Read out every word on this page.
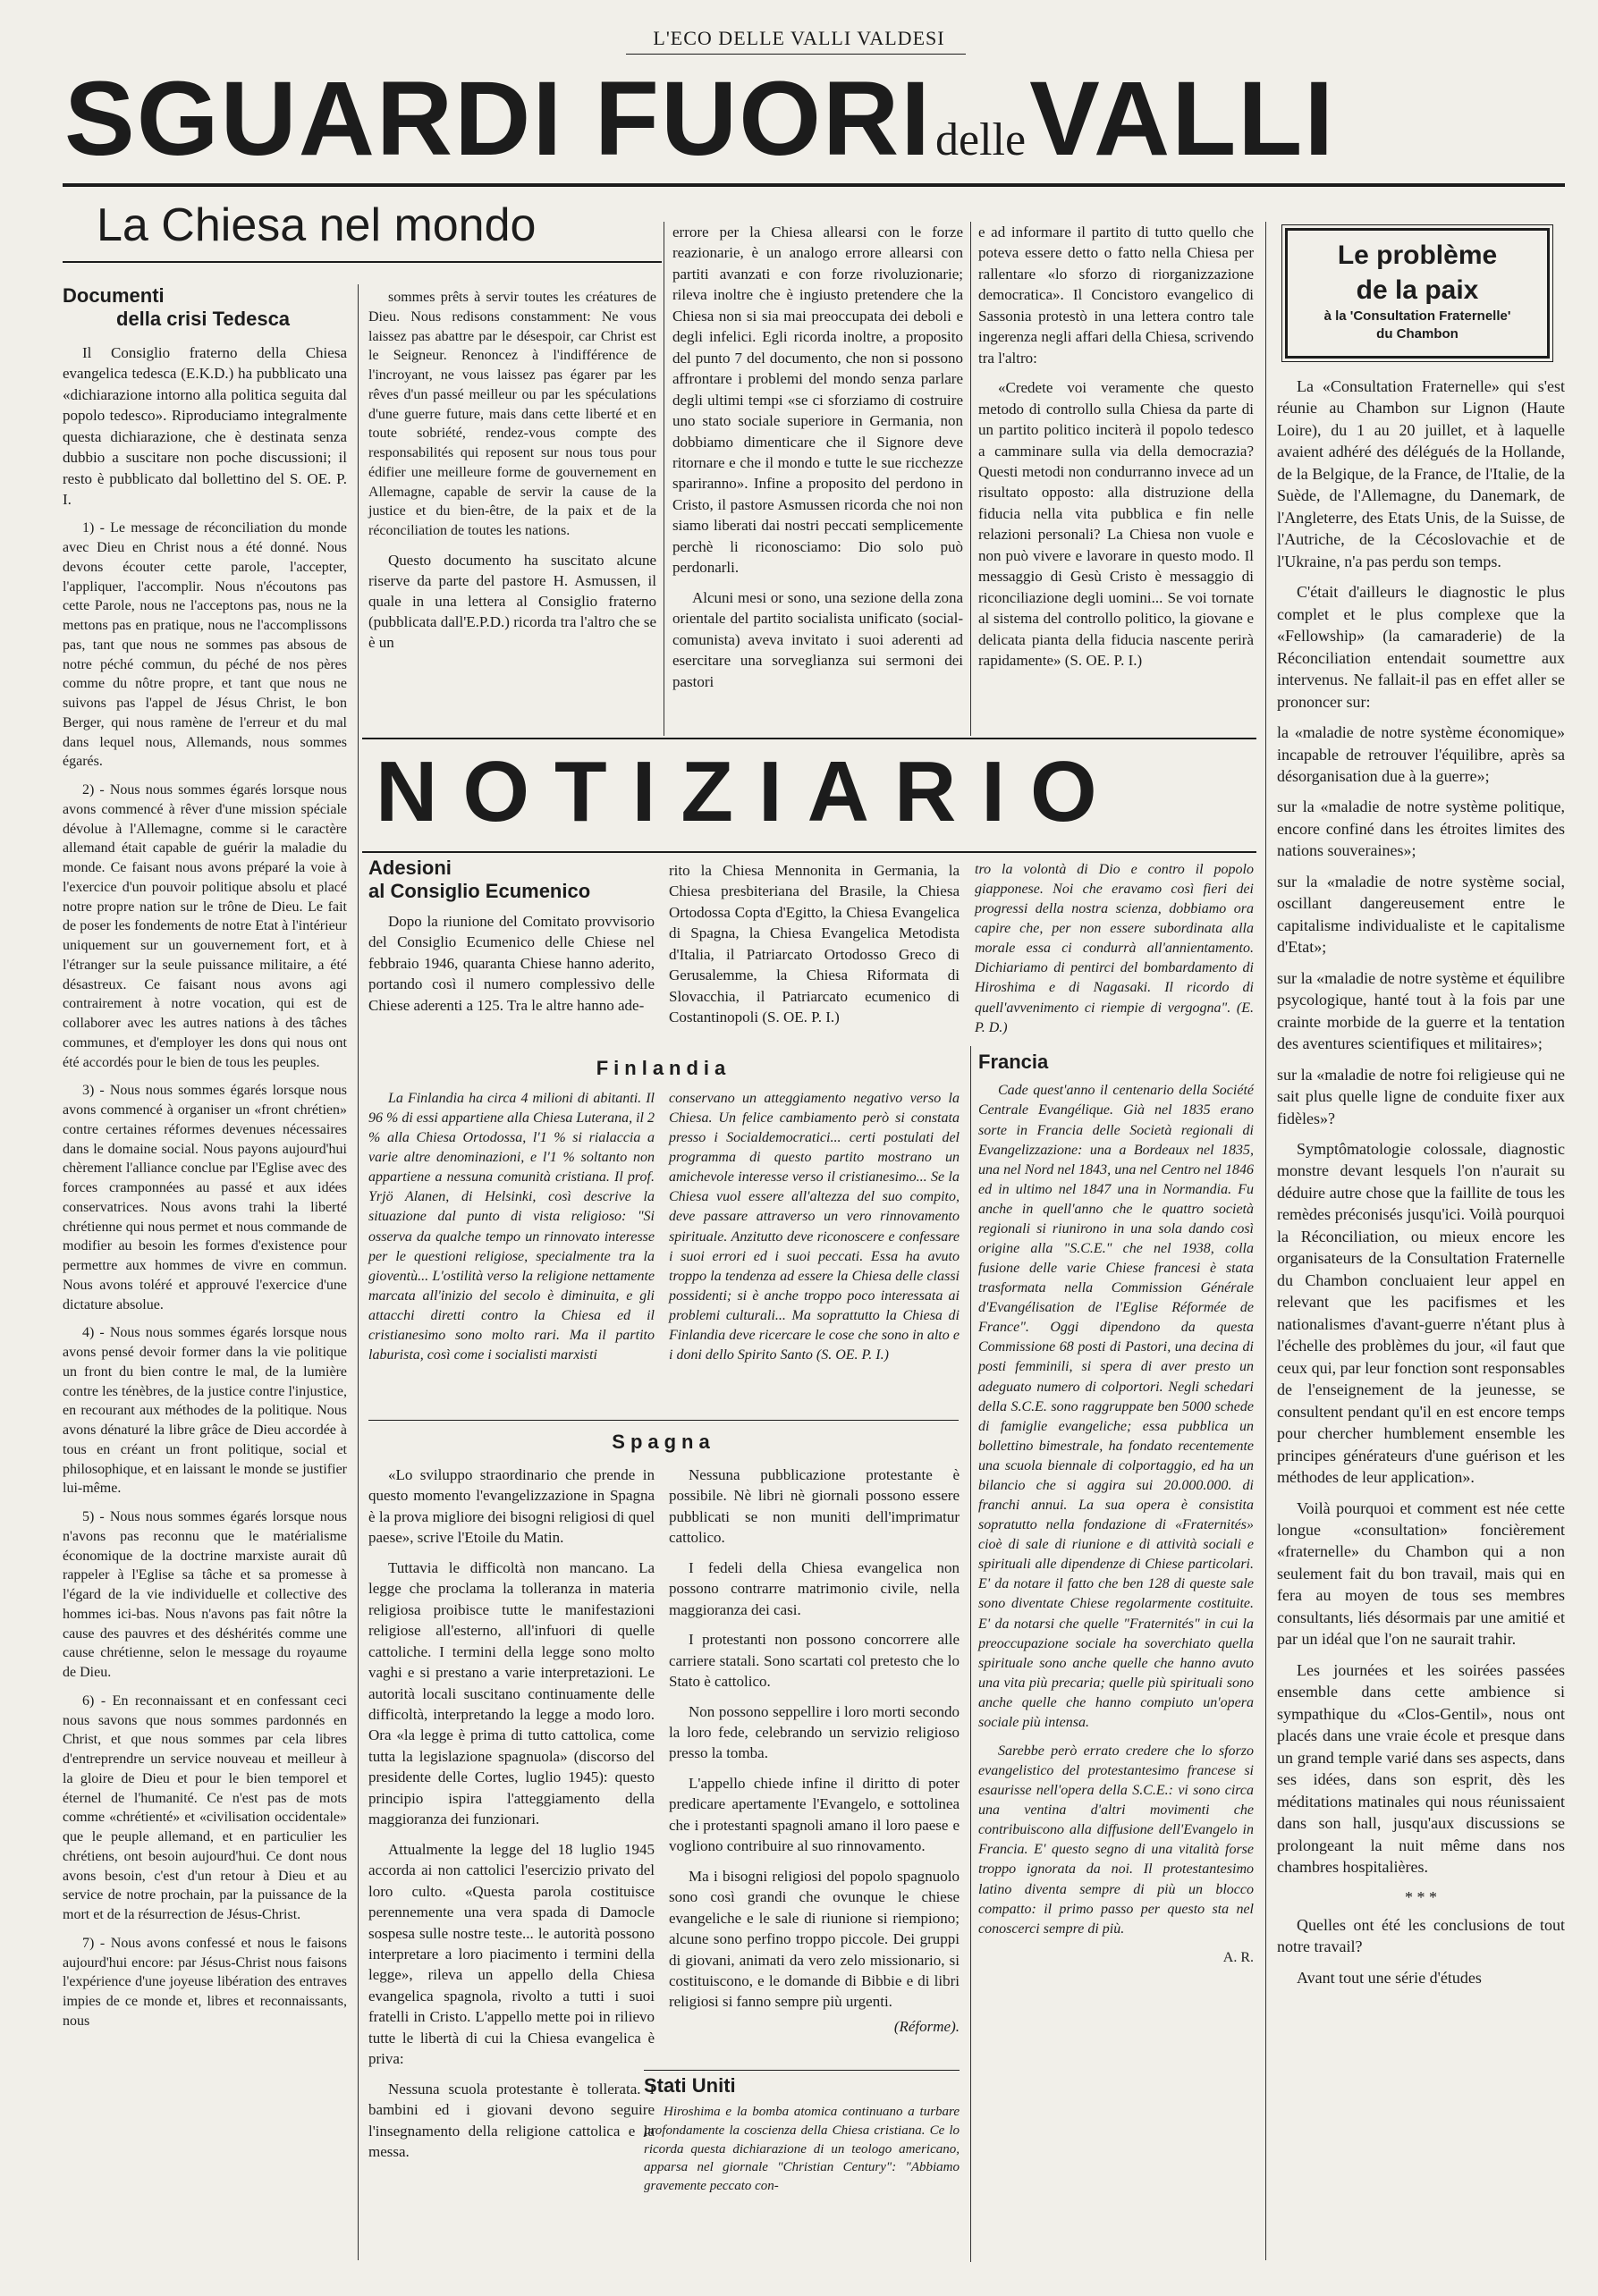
L'ECO DELLE VALLI VALDESI
SGUARDI FUORI delle VALLI
La Chiesa nel mondo
Documenti
della crisi Tedesca

Il Consiglio fraterno della Chiesa evangelica tedesca (E.K.D.) ha pubblicato una «dichiarazione intorno alla politica seguita dal popolo tedesco». Riproduciamo integralmente questa dichiarazione, che è destinata senza dubbio a suscitare non poche discussioni; il resto è pubblicato dal bollettino del S. OE. P. I.

1) - Le message de réconciliation du monde avec Dieu en Christ nous a été donné. Nous devons écouter cette parole, l'accepter, l'appliquer, l'accomplir. Nous n'écoutons pas cette Parole, nous ne l'acceptons pas, nous ne la mettons pas en pratique, nous ne l'accomplissons pas, tant que nous ne sommes pas absous de notre péché commun, du péché de nos pères comme du nôtre propre, et tant que nous ne suivons pas l'appel de Jésus Christ, le bon Berger, qui nous ramène de l'erreur et du mal dans lequel nous, Allemands, nous sommes égarés.

2) - Nous nous sommes égarés lorsque nous avons commencé à rêver d'une mission spéciale dévolue à l'Allemagne, comme si le caractère allemand était capable de guérir la maladie du monde. Ce faisant nous avons préparé la voie à l'exercice d'un pouvoir politique absolu et placé notre propre nation sur le trône de Dieu. Le fait de poser les fondements de notre Etat à l'intérieur uniquement sur un gouvernement fort, et à l'étranger sur la seule puissance militaire, a été désastreux. Ce faisant nous avons agi contrairement à notre vocation, qui est de collaborer avec les autres nations à des tâches communes, et d'employer les dons qui nous ont été accordés pour le bien de tous les peuples.

3) - Nous nous sommes égarés lorsque nous avons commencé à organiser un «front chrétien» contre certaines réformes devenues nécessaires dans le domaine social. Nous payons aujourd'hui chèrement l'alliance conclue par l'Eglise avec des forces cramponnées au passé et aux idées conservatrices. Nous avons trahi la liberté chrétienne qui nous permet et nous commande de modifier au besoin les formes d'existence pour permettre aux hommes de vivre en commun. Nous avons toléré et approuvé l'exercice d'une dictature absolue.

4) - Nous nous sommes égarés lorsque nous avons pensé devoir former dans la vie politique un front du bien contre le mal, de la lumière contre les ténèbres, de la justice contre l'injustice, en recourant aux méthodes de la politique. Nous avons dénaturé la libre grâce de Dieu accordée à tous en créant un front politique, social et philosophique, et en laissant le monde se justifier lui-même.

5) - Nous nous sommes égarés lorsque nous n'avons pas reconnu que le matérialisme économique de la doctrine marxiste aurait dû rappeler à l'Eglise sa tâche et sa promesse à l'égard de la vie individuelle et collective des hommes ici-bas. Nous n'avons pas fait nôtre la cause des pauvres et des déshérités comme une cause chrétienne, selon le message du royaume de Dieu.

6) - En reconnaissant et en confessant ceci nous savons que nous sommes pardonnés en Christ, et que nous sommes par cela libres d'entreprendre un service nouveau et meilleur à la gloire de Dieu et pour le bien temporel et éternel de l'humanité. Ce n'est pas de mots comme «chrétienté» et «civilisation occidentale» que le peuple allemand, et en particulier les chrétiens, ont besoin aujourd'hui. Ce dont nous avons besoin, c'est d'un retour à Dieu et au service de notre prochain, par la puissance de la mort et de la résurrection de Jésus-Christ.

7) - Nous avons confessé et nous le faisons aujourd'hui encore: par Jésus-Christ nous faisons l'expérience d'une joyeuse libération des entraves impies de ce monde et, libres et reconnaissants, nous

sommes prêts à servir toutes les créatures de Dieu. Nous redisons constamment: Ne vous laissez pas abattre par le désespoir, car Christ est le Seigneur. Renoncez à l'indifférence de l'incroyant, ne vous laissez pas égarer par les rêves d'un passé meilleur ou par les spéculations d'une guerre future, mais dans cette liberté et en toute sobriété, rendez-vous compte des responsabilités qui reposent sur nous tous pour édifier une meilleure forme de gouvernement en Allemagne, capable de servir la cause de la justice et du bien-être, de la paix et de la réconciliation de toutes les nations.

Questo documento ha suscitato alcune riserve da parte del pastore H. Asmussen, il quale in una lettera al Consiglio fraterno (pubblicata dall'E.P.D.) ricorda tra l'altro che se è un

errore per la Chiesa allearsi con le forze reazionarie, è un analogo errore allearsi con partiti avanzati e con forze rivoluzionarie; rileva inoltre che è ingiusto pretendere che la Chiesa non si sia mai preoccupata dei deboli e degli infelici. Egli ricorda inoltre, a proposito del punto 7 del documento, che non si possono affrontare i problemi del mondo senza parlare degli ultimi tempi «se ci sforziamo di costruire uno stato sociale superiore in Germania, non dobbiamo dimenticare che il Signore deve ritornare e che il mondo e tutte le sue ricchezze spariranno». Infine a proposito del perdono in Cristo, il pastore Asmussen ricorda che noi non siamo liberati dai nostri peccati semplicemente perchè li riconosciamo: Dio solo può perdonarli.

Alcuni mesi or sono, una sezione della zona orientale del partito socialista unificato (social-comunista) aveva invitato i suoi aderenti ad esercitare una sorveglianza sui sermoni dei pastori

e ad informare il partito di tutto quello che poteva essere detto o fatto nella Chiesa per rallentare «lo sforzo di riorganizzazione democratica». Il Concistoro evangelico di Sassonia protestò in una lettera contro tale ingerenza negli affari della Chiesa, scrivendo tra l'altro:

«Credete voi veramente che questo metodo di controllo sulla Chiesa da parte di un partito politico inciterà il popolo tedesco a camminare sulla via della democrazia? Questi metodi non condurranno invece ad un risultato opposto: alla distruzione della fiducia nella vita pubblica e fin nelle relazioni personali? La Chiesa non vuole e non può vivere e lavorare in questo modo. Il messaggio di Gesù Cristo è messaggio di riconciliazione degli uomini... Se voi tornate al sistema del controllo politico, la giovane e delicata pianta della fiducia nascente perirà rapidamente» (S. OE. P. I.)

NOTIZIARIO
Adesioni
al Consiglio Ecumenico

Dopo la riunione del Comitato provvisorio del Consiglio Ecumenico delle Chiese nel febbraio 1946, quaranta Chiese hanno aderito, portando così il numero complessivo delle Chiese aderenti a 125. Tra le altre hanno ade-

rito la Chiesa Mennonita in Germania, la Chiesa presbiteriana del Brasile, la Chiesa Ortodossa Copta d'Egitto, la Chiesa Evangelica di Spagna, la Chiesa Evangelica Metodista d'Italia, il Patriarcato Ortodosso Greco di Gerusalemme, la Chiesa Riformata di Slovacchia, il Patriarcato ecumenico di Costantinopoli (S. OE. P. I.)

tro la volontà di Dio e contro il popolo giapponese. Noi che eravamo così fieri dei progressi della nostra scienza, dobbiamo ora capire che, per non essere subordinata alla morale essa ci condurrà all'annientamento. Dichiariamo di pentirci del bombardamento di Hiroshima e di Nagasaki. Il ricordo di quell'avvenimento ci riempie di vergogna". (E. P. D.)

Finlandia

La Finlandia ha circa 4 milioni di abitanti. Il 96 % di essi appartiene alla Chiesa Luterana, il 2 % alla Chiesa Ortodossa, l'1 % si rialaccia a varie altre denominazioni, e l'1 % soltanto non appartiene a nessuna comunità cristiana. Il prof. Yrjö Alanen, di Helsinki, così descrive la situazione dal punto di vista religioso: "Si osserva da qualche tempo un rinnovato interesse per le questioni religiose, specialmente tra la gioventù... L'ostilità verso la religione nettamente marcata all'inizio del secolo è diminuita, e gli attacchi diretti contro la Chiesa ed il cristianesimo sono molto rari. Ma il partito laburista, così come i socialisti marxisti

conservano un atteggiamento negativo verso la Chiesa. Un felice cambiamento però si constata presso i Socialdemocratici... certi postulati del programma di questo partito mostrano un amichevole interesse verso il cristianesimo... Se la Chiesa vuol essere all'altezza del suo compito, deve passare attraverso un vero rinnovamento spirituale. Anzitutto deve riconoscere e confessare i suoi errori ed i suoi peccati. Essa ha avuto troppo la tendenza ad essere la Chiesa delle classi possidenti; si è anche troppo poco interessata ai problemi culturali... Ma soprattutto la Chiesa di Finlandia deve ricercare le cose che sono in alto e i doni dello Spirito Santo (S. OE. P. I.)

Spagna

«Lo sviluppo straordinario che prende in questo momento l'evangelizzazione in Spagna è la prova migliore dei bisogni religiosi di quel paese», scrive l'Etoile du Matin.

Tuttavia le difficoltà non mancano. La legge che proclama la tolleranza in materia religiosa proibisce tutte le manifestazioni religiose all'esterno, all'infuori di quelle cattoliche. I termini della legge sono molto vaghi e si prestano a varie interpretazioni. Le autorità locali suscitano continuamente delle difficoltà, interpretando la legge a modo loro. Ora «la legge è prima di tutto cattolica, come tutta la legislazione spagnuola» (discorso del presidente delle Cortes, luglio 1945): questo principio ispira l'atteggiamento della maggioranza dei funzionari.

Attualmente la legge del 18 luglio 1945 accorda ai non cattolici l'esercizio privato del loro culto. «Questa parola costituisce perennemente una vera spada di Damocle sospesa sulle nostre teste... le autorità possono interpretare a loro piacimento i termini della legge», rileva un appello della Chiesa evangelica spagnola, rivolto a tutti i suoi fratelli in Cristo. L'appello mette poi in rilievo tutte le libertà di cui la Chiesa evangelica è priva:

Nessuna scuola protestante è tollerata. I bambini ed i giovani devono seguire l'insegnamento della religione cattolica e la messa.

Nessuna pubblicazione protestante è possibile. Nè libri nè giornali possono essere pubblicati se non muniti dell'imprimatur cattolico.

I fedeli della Chiesa evangelica non possono contrarre matrimonio civile, nella maggioranza dei casi.

I protestanti non possono concorrere alle carriere statali. Sono scartati col pretesto che lo Stato è cattolico.

Non possono seppellire i loro morti secondo la loro fede, celebrando un servizio religioso presso la tomba.

L'appello chiede infine il diritto di poter predicare apertamente l'Evangelo, e sottolinea che i protestanti spagnoli amano il loro paese e vogliono contribuire al suo rinnovamento.

Ma i bisogni religiosi del popolo spagnuolo sono così grandi che ovunque le chiese evangeliche e le sale di riunione si riempiono; alcune sono perfino troppo piccole. Dei gruppi di giovani, animati da vero zelo missionario, si costituiscono, e le domande di Bibbie e di libri religiosi si fanno sempre più urgenti.

(Réforme).
Stati Uniti

Hiroshima e la bomba atomica continuano a turbare profondamente la coscienza della Chiesa cristiana. Ce lo ricorda questa dichiarazione di un teologo americano, apparsa nel giornale "Christian Century": "Abbiamo gravemente peccato con-

Francia

Cade quest'anno il centenario della Société Centrale Evangélique. Già nel 1835 erano sorte in Francia delle Società regionali di Evangelizzazione: una a Bordeaux nel 1835, una nel Nord nel 1843, una nel Centro nel 1846 ed in ultimo nel 1847 una in Normandia. Fu anche in quell'anno che le quattro società regionali si riunirono in una sola dando così origine alla "S.C.E." che nel 1938, colla fusione delle varie Chiese francesi è stata trasformata nella Commission Générale d'Evangélisation de l'Eglise Réformée de France". Oggi dipendono da questa Commissione 68 posti di Pastori, una decina di posti femminili, si spera di aver presto un adeguato numero di colportori. Negli schedari della S.C.E. sono raggruppate ben 5000 schede di famiglie evangeliche; essa pubblica un bollettino bimestrale, ha fondato recentemente una scuola biennale di colportaggio, ed ha un bilancio che si aggira sui 20.000.000. di franchi annui. La sua opera è consistita sopratutto nella fondazione di «Fraternités» cioè di sale di riunione e di attività sociali e spirituali alle dipendenze di Chiese particolari. E' da notare il fatto che ben 128 di queste sale sono diventate Chiese regolarmente costituite. E' da notarsi che quelle "Fraternités" in cui la preoccupazione sociale ha soverchiato quella spirituale sono anche quelle che hanno avuto una vita più precaria; quelle più spirituali sono anche quelle che hanno compiuto un'opera sociale più intensa.

Sarebbe però errato credere che lo sforzo evangelistico del protestantesimo francese si esaurisse nell'opera della S.C.E.: vi sono circa una ventina d'altri movimenti che contribuiscono alla diffusione dell'Evangelo in Francia. E' questo segno di una vitalità forse troppo ignorata da noi. Il protestantesimo latino diventa sempre di più un blocco compatto: il primo passo per questo sta nel conoscerci sempre di più.

A. R.
Le problème
de la paix
à la 'Consultation Fraternelle'
du Chambon

La «Consultation Fraternelle» qui s'est réunie au Chambon sur Lignon (Haute Loire), du 1 au 20 juillet, et à laquelle avaient adhéré des délégués de la Hollande, de la Belgique, de la France, de l'Italie, de la Suède, de l'Allemagne, du Danemark, de l'Angleterre, des Etats Unis, de la Suisse, de l'Autriche, de la Cécoslovachie et de l'Ukraine, n'a pas perdu son temps.

C'était d'ailleurs le diagnostic le plus complet et le plus complexe que la «Fellowship» (la camaraderie) de la Réconciliation entendait soumettre aux intervenus. Ne fallait-il pas en effet aller se prononcer sur:

la «maladie de notre système économique» incapable de retrouver l'équilibre, après sa désorganisation due à la guerre»;

sur la «maladie de notre système politique, encore confiné dans les étroites limites des nations souveraines»;

sur la «maladie de notre système social, oscillant dangereusement entre le capitalisme individualiste et le capitalisme d'Etat»;

sur la «maladie de notre système et équilibre psycologique, hanté tout à la fois par une crainte morbide de la guerre et la tentation des aventures scientifiques et militaires»;

sur la «maladie de notre foi religieuse qui ne sait plus quelle ligne de conduite fixer aux fidèles»?

Symptômatologie colossale, diagnostic monstre devant lesquels l'on n'aurait su déduire autre chose que la faillite de tous les remèdes préconisés jusqu'ici. Voilà pourquoi la Réconciliation, ou mieux encore les organisateurs de la Consultation Fraternelle du Chambon concluaient leur appel en relevant que les pacifismes et les nationalismes d'avant-guerre n'étant plus à l'échelle des problèmes du jour, «il faut que ceux qui, par leur fonction sont responsables de l'enseignement de la jeunesse, se consultent pendant qu'il en est encore temps pour chercher humblement ensemble les principes générateurs d'une guérison et les méthodes de leur application».

Voilà pourquoi et comment est née cette longue «consultation» foncièrement «fraternelle» du Chambon qui a non seulement fait du bon travail, mais qui en fera au moyen de tous ses membres consultants, liés désormais par une amitié et par un idéal que l'on ne saurait trahir.

Les journées et les soirées passées ensemble dans cette ambience si sympathique du «Clos-Gentil», nous ont placés dans une vraie école et presque dans un grand temple varié dans ses aspects, dans ses idées, dans son esprit, dès les méditations matinales qui nous réunissaient dans son hall, jusqu'aux discussions se prolongeant la nuit même dans nos chambres hospitalières.

* * *

Quelles ont été les conclusions de tout notre travail?

Avant tout une série d'études
